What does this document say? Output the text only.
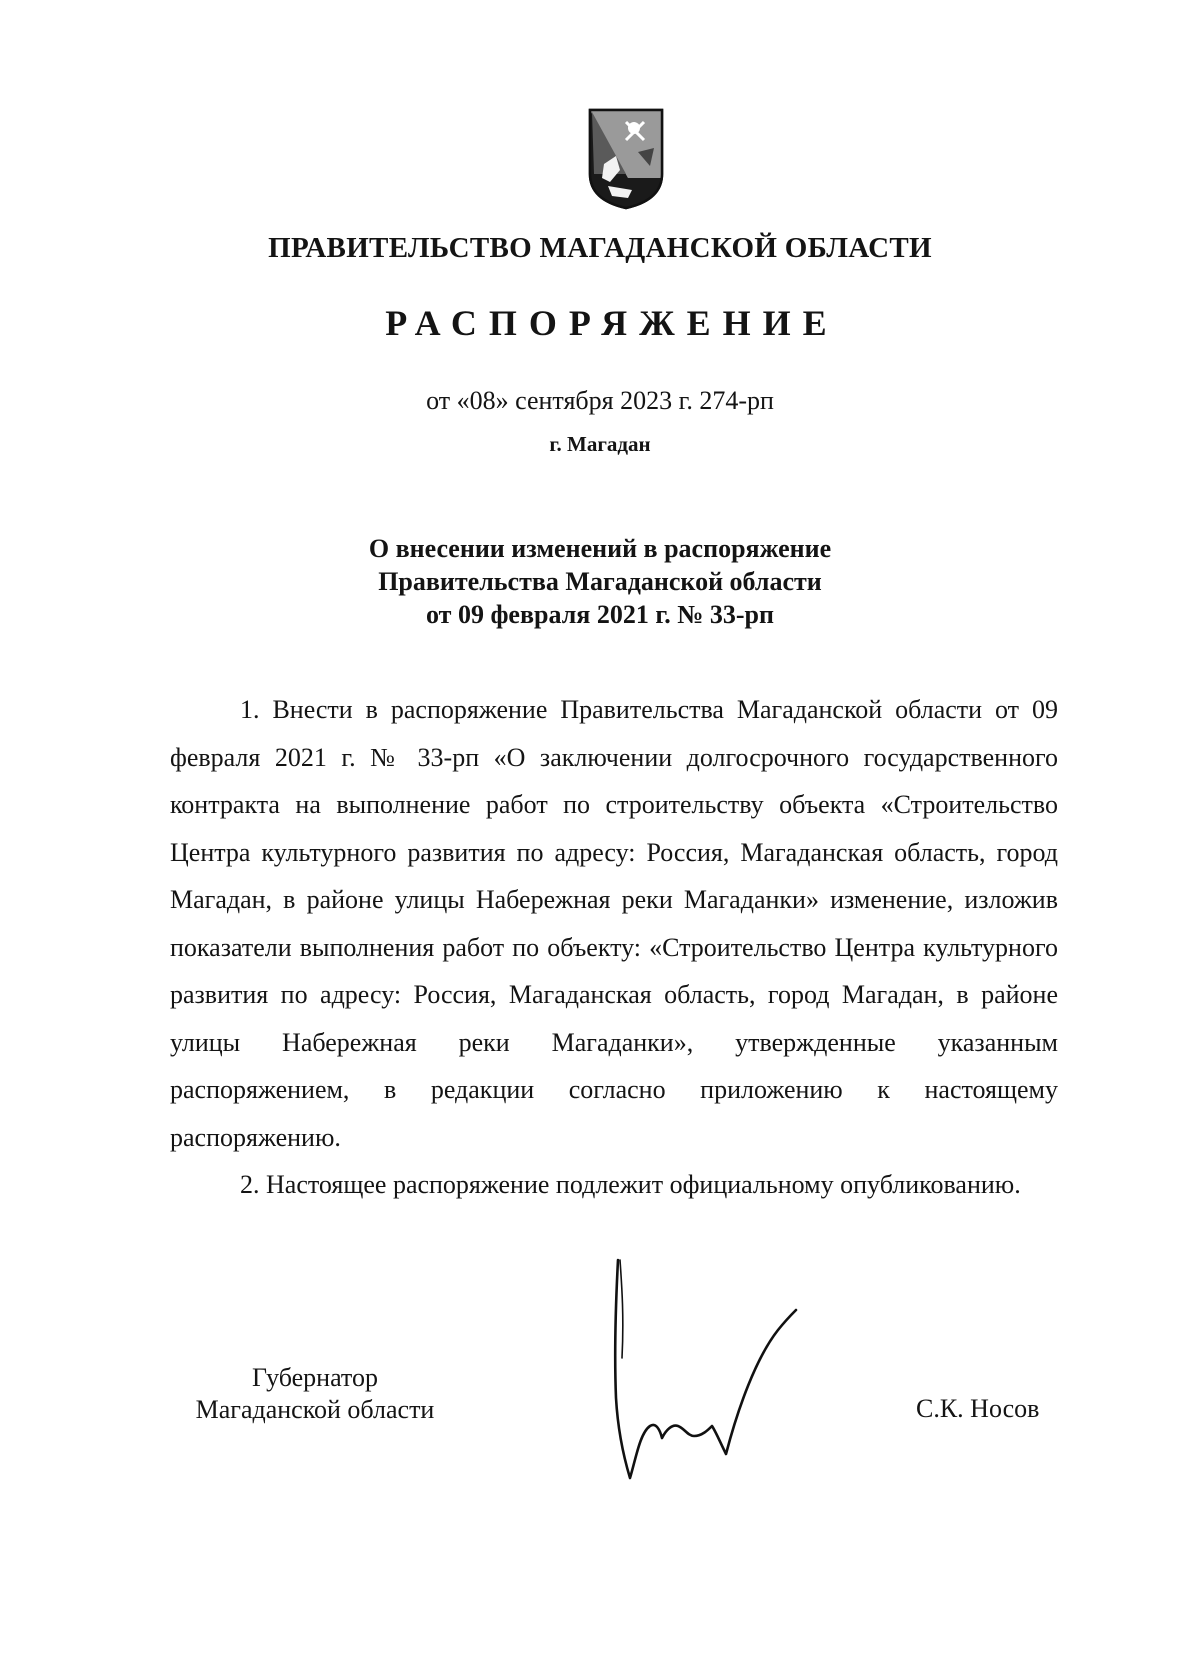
ПРАВИТЕЛЬСТВО МАГАДАНСКОЙ ОБЛАСТИ
РАСПОРЯЖЕНИЕ
от «08» сентября 2023 г. 274-рп
г. Магадан
О внесении изменений в распоряжение
Правительства Магаданской области
от 09 февраля 2021 г. № 33-рп

1. Внести в распоряжение Правительства Магаданской области от 09 февраля 2021 г. № 33-рп «О заключении долгосрочного государственного контракта на выполнение работ по строительству объекта «Строительство Центра культурного развития по адресу: Россия, Магаданская область, город Магадан, в районе улицы Набережная реки Магаданки» изменение, изложив показатели выполнения работ по объекту: «Строительство Центра культурного развития по адресу: Россия, Магаданская область, город Магадан, в районе улицы Набережная реки Магаданки», утвержденные указанным распоряжением, в редакции согласно приложению к настоящему распоряжению.

2. Настоящее распоряжение подлежит официальному опубликованию.

Губернатор
Магаданской области	С.К. Носов
